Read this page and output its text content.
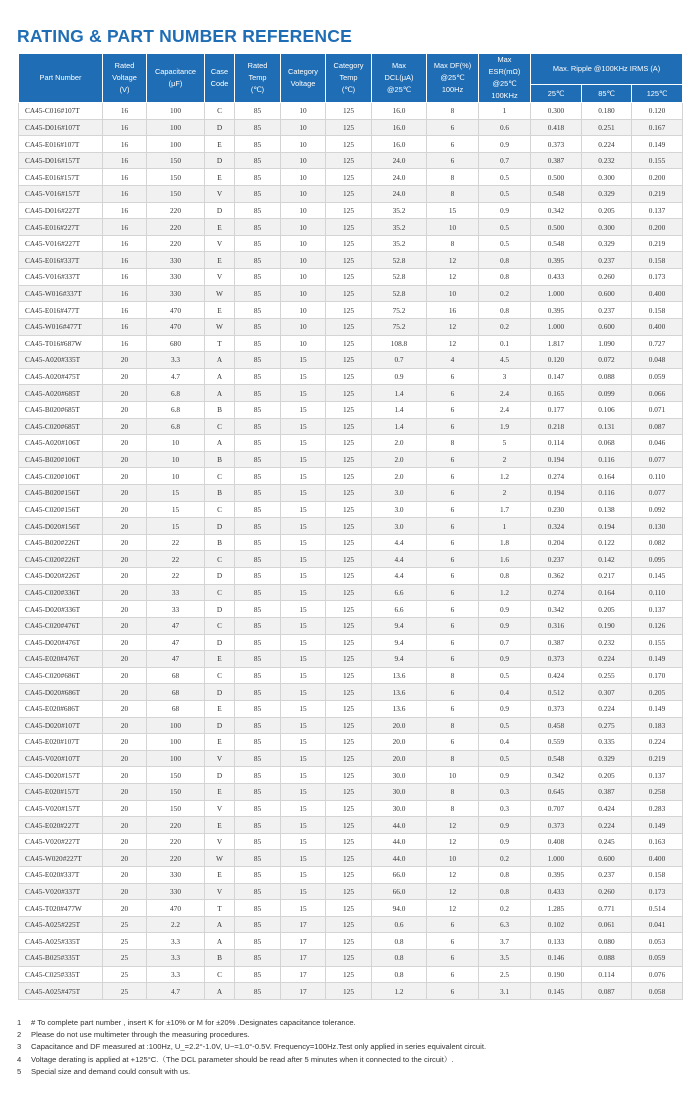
RATING & PART NUMBER REFERENCE
Part Number	Rated
Voltage
(V)	Capacitance
(μF)	Case
Code	Rated
Temp
(℃)	Category
Voltage	Category
Temp
(℃)	Max
DCL(μA)
@25℃	Max DF(%)
@25℃
100Hz	Max
ESR(mΩ)
@25℃
100KHz	Max. Ripple @100KHz IRMS (A)		
										25℃	85℃	125℃
CA45-C016#107T	16	100	C	85	10	125	16.0	8	1	0.300	0.180	0.120
CA45-D016#107T	16	100	D	85	10	125	16.0	6	0.6	0.418	0.251	0.167
CA45-E016#107T	16	100	E	85	10	125	16.0	6	0.9	0.373	0.224	0.149
CA45-D016#157T	16	150	D	85	10	125	24.0	6	0.7	0.387	0.232	0.155
CA45-E016#157T	16	150	E	85	10	125	24.0	8	0.5	0.500	0.300	0.200
CA45-V016#157T	16	150	V	85	10	125	24.0	8	0.5	0.548	0.329	0.219
CA45-D016#227T	16	220	D	85	10	125	35.2	15	0.9	0.342	0.205	0.137
CA45-E016#227T	16	220	E	85	10	125	35.2	10	0.5	0.500	0.300	0.200
CA45-V016#227T	16	220	V	85	10	125	35.2	8	0.5	0.548	0.329	0.219
CA45-E016#337T	16	330	E	85	10	125	52.8	12	0.8	0.395	0.237	0.158
CA45-V016#337T	16	330	V	85	10	125	52.8	12	0.8	0.433	0.260	0.173
CA45-W016#337T	16	330	W	85	10	125	52.8	10	0.2	1.000	0.600	0.400
CA45-E016#477T	16	470	E	85	10	125	75.2	16	0.8	0.395	0.237	0.158
CA45-W016#477T	16	470	W	85	10	125	75.2	12	0.2	1.000	0.600	0.400
CA45-T016#687W	16	680	T	85	10	125	108.8	12	0.1	1.817	1.090	0.727
CA45-A020#335T	20	3.3	A	85	15	125	0.7	4	4.5	0.120	0.072	0.048
CA45-A020#475T	20	4.7	A	85	15	125	0.9	6	3	0.147	0.088	0.059
CA45-A020#685T	20	6.8	A	85	15	125	1.4	6	2.4	0.165	0.099	0.066
CA45-B020#685T	20	6.8	B	85	15	125	1.4	6	2.4	0.177	0.106	0.071
CA45-C020#685T	20	6.8	C	85	15	125	1.4	6	1.9	0.218	0.131	0.087
CA45-A020#106T	20	10	A	85	15	125	2.0	8	5	0.114	0.068	0.046
CA45-B020#106T	20	10	B	85	15	125	2.0	6	2	0.194	0.116	0.077
CA45-C020#106T	20	10	C	85	15	125	2.0	6	1.2	0.274	0.164	0.110
CA45-B020#156T	20	15	B	85	15	125	3.0	6	2	0.194	0.116	0.077
CA45-C020#156T	20	15	C	85	15	125	3.0	6	1.7	0.230	0.138	0.092
CA45-D020#156T	20	15	D	85	15	125	3.0	6	1	0.324	0.194	0.130
CA45-B020#226T	20	22	B	85	15	125	4.4	6	1.8	0.204	0.122	0.082
CA45-C020#226T	20	22	C	85	15	125	4.4	6	1.6	0.237	0.142	0.095
CA45-D020#226T	20	22	D	85	15	125	4.4	6	0.8	0.362	0.217	0.145
CA45-C020#336T	20	33	C	85	15	125	6.6	6	1.2	0.274	0.164	0.110
CA45-D020#336T	20	33	D	85	15	125	6.6	6	0.9	0.342	0.205	0.137
CA45-C020#476T	20	47	C	85	15	125	9.4	6	0.9	0.316	0.190	0.126
CA45-D020#476T	20	47	D	85	15	125	9.4	6	0.7	0.387	0.232	0.155
CA45-E020#476T	20	47	E	85	15	125	9.4	6	0.9	0.373	0.224	0.149
CA45-C020#686T	20	68	C	85	15	125	13.6	8	0.5	0.424	0.255	0.170
CA45-D020#686T	20	68	D	85	15	125	13.6	6	0.4	0.512	0.307	0.205
CA45-E020#686T	20	68	E	85	15	125	13.6	6	0.9	0.373	0.224	0.149
CA45-D020#107T	20	100	D	85	15	125	20.0	8	0.5	0.458	0.275	0.183
CA45-E020#107T	20	100	E	85	15	125	20.0	6	0.4	0.559	0.335	0.224
CA45-V020#107T	20	100	V	85	15	125	20.0	8	0.5	0.548	0.329	0.219
CA45-D020#157T	20	150	D	85	15	125	30.0	10	0.9	0.342	0.205	0.137
CA45-E020#157T	20	150	E	85	15	125	30.0	8	0.3	0.645	0.387	0.258
CA45-V020#157T	20	150	V	85	15	125	30.0	8	0.3	0.707	0.424	0.283
CA45-E020#227T	20	220	E	85	15	125	44.0	12	0.9	0.373	0.224	0.149
CA45-V020#227T	20	220	V	85	15	125	44.0	12	0.9	0.408	0.245	0.163
CA45-W020#227T	20	220	W	85	15	125	44.0	10	0.2	1.000	0.600	0.400
CA45-E020#337T	20	330	E	85	15	125	66.0	12	0.8	0.395	0.237	0.158
CA45-V020#337T	20	330	V	85	15	125	66.0	12	0.8	0.433	0.260	0.173
CA45-T020#477W	20	470	T	85	15	125	94.0	12	0.2	1.285	0.771	0.514
CA45-A025#225T	25	2.2	A	85	17	125	0.6	6	6.3	0.102	0.061	0.041
CA45-A025#335T	25	3.3	A	85	17	125	0.8	6	3.7	0.133	0.080	0.053
CA45-B025#335T	25	3.3	B	85	17	125	0.8	6	3.5	0.146	0.088	0.059
CA45-C025#335T	25	3.3	C	85	17	125	0.8	6	2.5	0.190	0.114	0.076
CA45-A025#475T	25	4.7	A	85	17	125	1.2	6	3.1	0.145	0.087	0.058
1 # To complete part number , insert K for ±10% or M for ±20% .Designates capacitance tolerance.
2 Please do not use multimeter through the measuring procedures.
3 Capacitance and DF measured at :100Hz, U_=2.2°-1.0V, U~=1.0°-0.5V. Frequency=100Hz.Test only applied in series equivalent circuit.
4 Voltage derating is applied at +125°C.（The DCL parameter should be read after 5 minutes when it connected to the circuit）.
5 Special size and demand could consult with us.
